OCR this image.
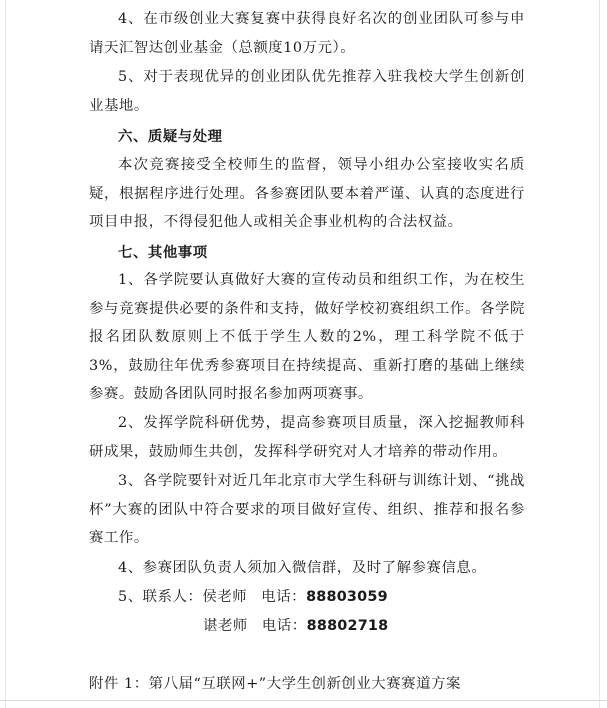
4、在市级创业大赛复赛中获得良好名次的创业团队可参与申请天汇智达创业基金（总额度10万元）。

5、对于表现优异的创业团队优先推荐入驻我校大学生创新创业基地。

六、质疑与处理

本次竞赛接受全校师生的监督，领导小组办公室接收实名质疑，根据程序进行处理。各参赛团队要本着严谨、认真的态度进行项目申报，不得侵犯他人或相关企事业机构的合法权益。

七、其他事项

1、各学院要认真做好大赛的宣传动员和组织工作，为在校生参与竞赛提供必要的条件和支持，做好学校初赛组织工作。各学院报名团队数原则上不低于学生人数的2%，理工科学院不低于3%，鼓励往年优秀参赛项目在持续提高、重新打磨的基础上继续参赛。鼓励各团队同时报名参加两项赛事。

2、发挥学院科研优势，提高参赛项目质量，深入挖掘教师科研成果，鼓励师生共创，发挥科学研究对人才培养的带动作用。

3、各学院要针对近几年北京市大学生科研与训练计划、“挑战杯”大赛的团队中符合要求的项目做好宣传、组织、推荐和报名参赛工作。

4、参赛团队负责人须加入微信群，及时了解参赛信息。

5、联系人：侯老师 电话：88803059
谌老师 电话：88802718
附件 1：第八届“互联网+”大学生创新创业大赛赛道方案
